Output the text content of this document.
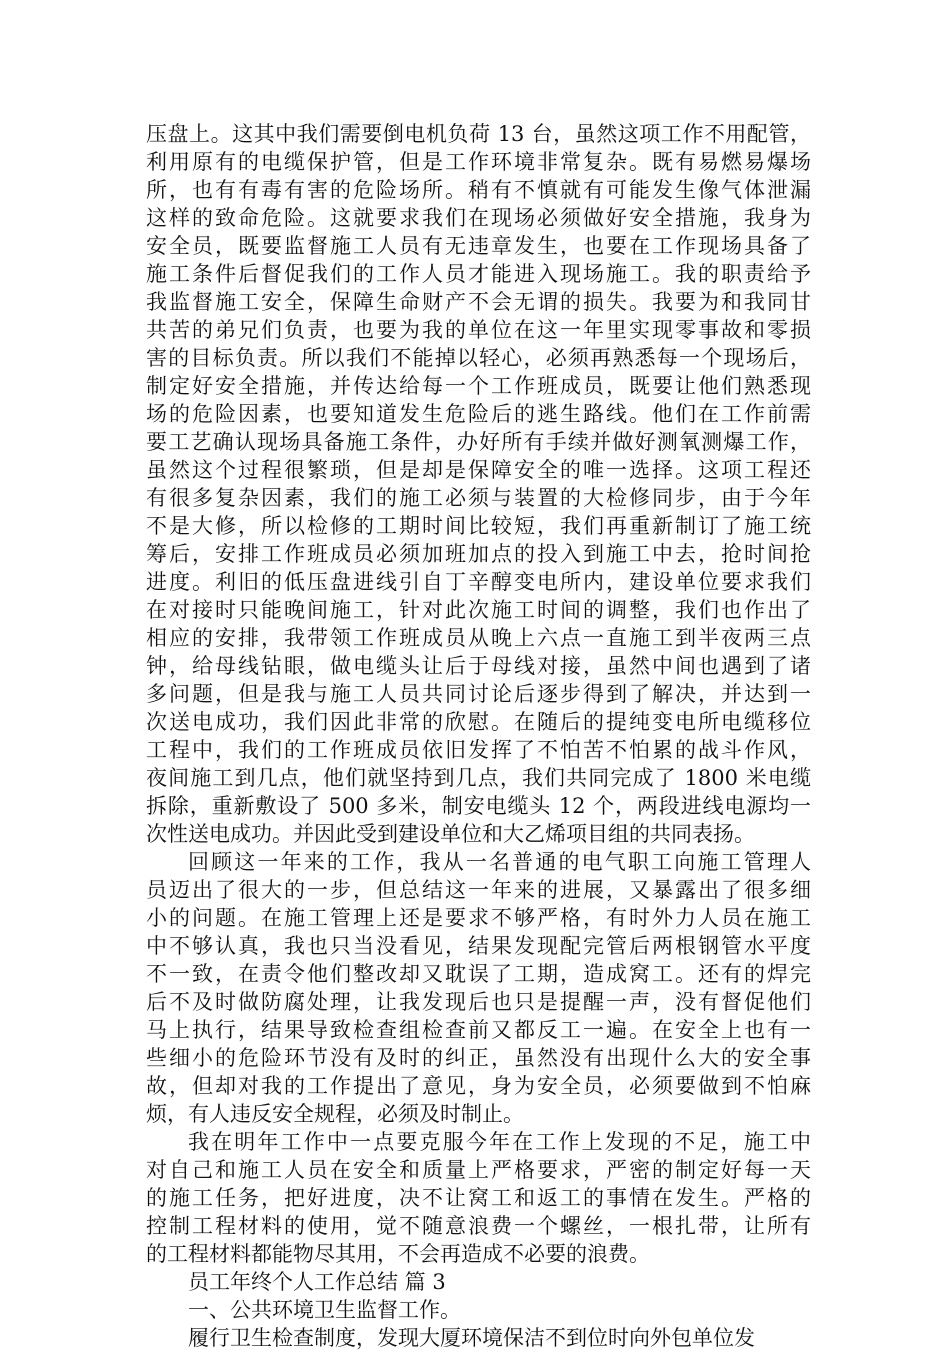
压盘上。这其中我们需要倒电机负荷 13 台，虽然这项工作不用配管，
利用原有的电缆保护管，但是工作环境非常复杂。既有易燃易爆场
所，也有有毒有害的危险场所。稍有不慎就有可能发生像气体泄漏
这样的致命危险。这就要求我们在现场必须做好安全措施，我身为
安全员，既要监督施工人员有无违章发生，也要在工作现场具备了
施工条件后督促我们的工作人员才能进入现场施工。我的职责给予
我监督施工安全，保障生命财产不会无谓的损失。我要为和我同甘
共苦的弟兄们负责，也要为我的单位在这一年里实现零事故和零损
害的目标负责。所以我们不能掉以轻心，必须再熟悉每一个现场后，
制定好安全措施，并传达给每一个工作班成员，既要让他们熟悉现
场的危险因素，也要知道发生危险后的逃生路线。他们在工作前需
要工艺确认现场具备施工条件，办好所有手续并做好测氧测爆工作，
虽然这个过程很繁琐，但是却是保障安全的唯一选择。这项工程还
有很多复杂因素，我们的施工必须与装置的大检修同步，由于今年
不是大修，所以检修的工期时间比较短，我们再重新制订了施工统
筹后，安排工作班成员必须加班加点的投入到施工中去，抢时间抢
进度。利旧的低压盘进线引自丁辛醇变电所内，建设单位要求我们
在对接时只能晚间施工，针对此次施工时间的调整，我们也作出了
相应的安排，我带领工作班成员从晚上六点一直施工到半夜两三点
钟，给母线钻眼，做电缆头让后于母线对接，虽然中间也遇到了诸
多问题，但是我与施工人员共同讨论后逐步得到了解决，并达到一
次送电成功，我们因此非常的欣慰。在随后的提纯变电所电缆移位
工程中，我们的工作班成员依旧发挥了不怕苦不怕累的战斗作风，
夜间施工到几点，他们就坚持到几点，我们共同完成了 1800 米电缆
拆除，重新敷设了 500 多米，制安电缆头 12 个，两段进线电源均一
次性送电成功。并因此受到建设单位和大乙烯项目组的共同表扬。
回顾这一年来的工作，我从一名普通的电气职工向施工管理人
员迈出了很大的一步，但总结这一年来的进展，又暴露出了很多细
小的问题。在施工管理上还是要求不够严格，有时外力人员在施工
中不够认真，我也只当没看见，结果发现配完管后两根钢管水平度
不一致，在责令他们整改却又耽误了工期，造成窝工。还有的焊完
后不及时做防腐处理，让我发现后也只是提醒一声，没有督促他们
马上执行，结果导致检查组检查前又都反工一遍。在安全上也有一
些细小的危险环节没有及时的纠正，虽然没有出现什么大的安全事
故，但却对我的工作提出了意见，身为安全员，必须要做到不怕麻
烦，有人违反安全规程，必须及时制止。
我在明年工作中一点要克服今年在工作上发现的不足，施工中
对自己和施工人员在安全和质量上严格要求，严密的制定好每一天
的施工任务，把好进度，决不让窝工和返工的事情在发生。严格的
控制工程材料的使用，觉不随意浪费一个螺丝，一根扎带，让所有
的工程材料都能物尽其用，不会再造成不必要的浪费。
员工年终个人工作总结 篇 3
一、公共环境卫生监督工作。
履行卫生检查制度，发现大厦环境保洁不到位时向外包单位发
